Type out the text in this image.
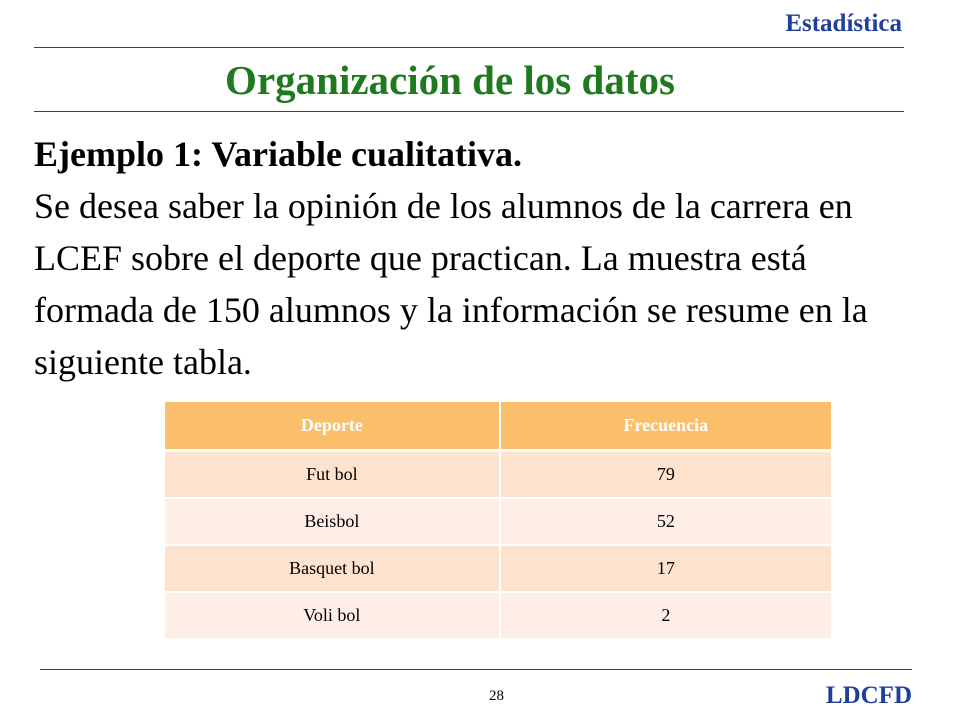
Estadística
Organización de los datos
Ejemplo 1: Variable cualitativa.
Se desea saber la opinión de los alumnos de la carrera en LCEF sobre el deporte que practican. La muestra está formada de 150 alumnos y la información se resume en la siguiente tabla.
Deporte	Frecuencia
Fut bol	79
Beisbol	52
Basquet bol	17
Voli bol	2
28	LDCFD
